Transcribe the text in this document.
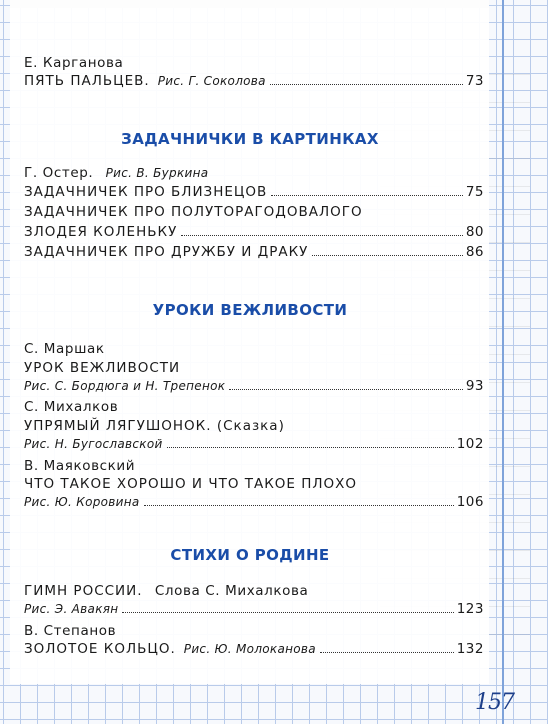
Е. Карганова
ПЯТЬ ПАЛЬЦЕВ. Рис. Г. Соколова	73
ЗАДАЧНИЧКИ В КАРТИНКАХ
Г. Остер. Рис. В. Буркина
ЗАДАЧНИЧЕК ПРО БЛИЗНЕЦОВ	75
ЗАДАЧНИЧЕК ПРО ПОЛУТОРАГОДОВАЛОГО
ЗЛОДЕЯ КОЛЕНЬКУ	80
ЗАДАЧНИЧЕК ПРО ДРУЖБУ И ДРАКУ	86
УРОКИ ВЕЖЛИВОСТИ
С. Маршак
УРОК ВЕЖЛИВОСТИ
Рис. С. Бордюга и Н. Трепенок	93
С. Михалков
УПРЯМЫЙ ЛЯГУШОНОК. (Сказка)
Рис. Н. Бугославской	102
В. Маяковский
ЧТО ТАКОЕ ХОРОШО И ЧТО ТАКОЕ ПЛОХО
Рис. Ю. Коровина	106
СТИХИ О РОДИНЕ
ГИМН РОССИИ. Слова С. Михалкова
Рис. Э. Авакян	123
В. Степанов
ЗОЛОТОЕ КОЛЬЦО. Рис. Ю. Молоканова	132
157
